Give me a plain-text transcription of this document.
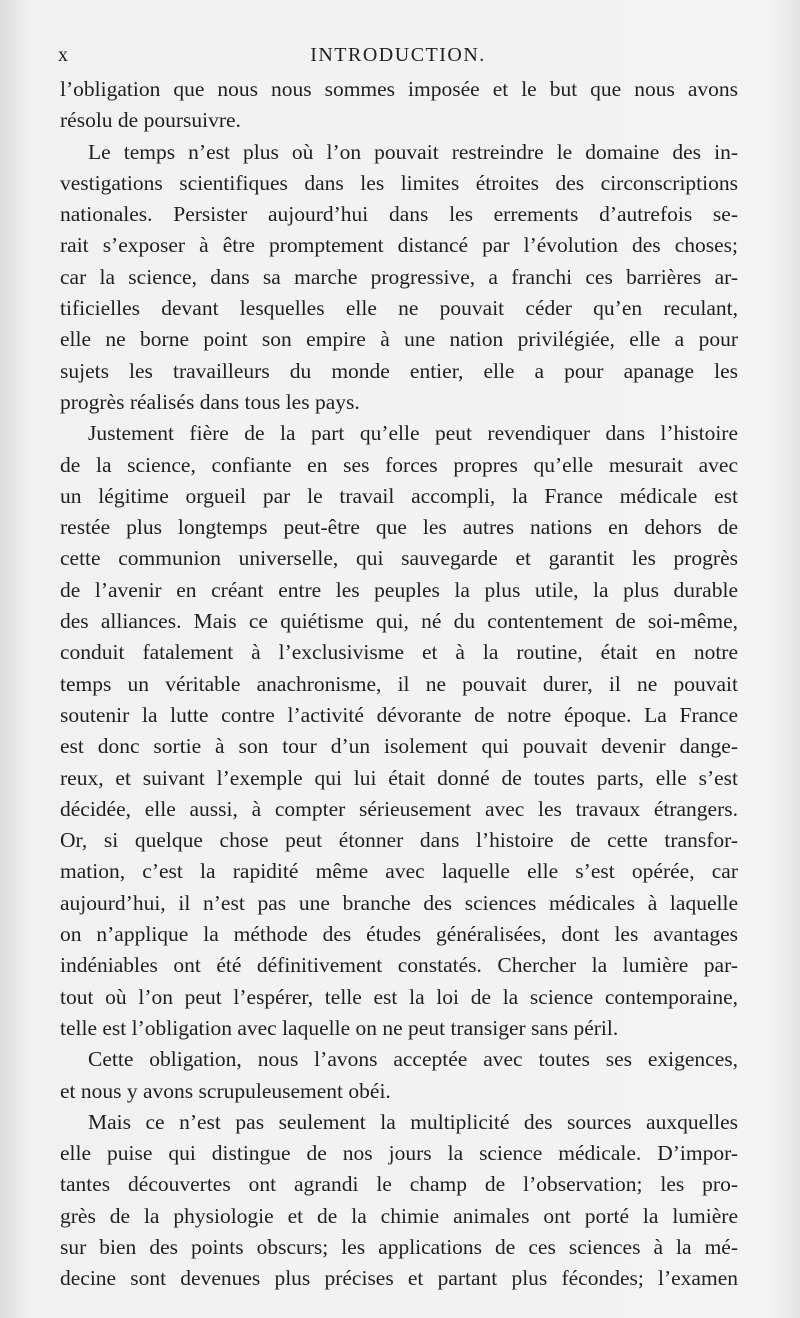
x	INTRODUCTION.
l’obligation que nous nous sommes imposée et le but que nous avons
résolu de poursuivre.
Le temps n’est plus où l’on pouvait restreindre le domaine des in-
vestigations scientifiques dans les limites étroites des circonscriptions
nationales. Persister aujourd’hui dans les errements d’autrefois se-
rait s’exposer à être promptement distancé par l’évolution des choses;
car la science, dans sa marche progressive, a franchi ces barrières ar-
tificielles devant lesquelles elle ne pouvait céder qu’en reculant,
elle ne borne point son empire à une nation privilégiée, elle a pour
sujets les travailleurs du monde entier, elle a pour apanage les
progrès réalisés dans tous les pays.
Justement fière de la part qu’elle peut revendiquer dans l’histoire
de la science, confiante en ses forces propres qu’elle mesurait avec
un légitime orgueil par le travail accompli, la France médicale est
restée plus longtemps peut-être que les autres nations en dehors de
cette communion universelle, qui sauvegarde et garantit les progrès
de l’avenir en créant entre les peuples la plus utile, la plus durable
des alliances. Mais ce quiétisme qui, né du contentement de soi-même,
conduit fatalement à l’exclusivisme et à la routine, était en notre
temps un véritable anachronisme, il ne pouvait durer, il ne pouvait
soutenir la lutte contre l’activité dévorante de notre époque. La France
est donc sortie à son tour d’un isolement qui pouvait devenir dange-
reux, et suivant l’exemple qui lui était donné de toutes parts, elle s’est
décidée, elle aussi, à compter sérieusement avec les travaux étrangers.
Or, si quelque chose peut étonner dans l’histoire de cette transfor-
mation, c’est la rapidité même avec laquelle elle s’est opérée, car
aujourd’hui, il n’est pas une branche des sciences médicales à laquelle
on n’applique la méthode des études généralisées, dont les avantages
indéniables ont été définitivement constatés. Chercher la lumière par-
tout où l’on peut l’espérer, telle est la loi de la science contemporaine,
telle est l’obligation avec laquelle on ne peut transiger sans péril.
Cette obligation, nous l’avons acceptée avec toutes ses exigences,
et nous y avons scrupuleusement obéi.
Mais ce n’est pas seulement la multiplicité des sources auxquelles
elle puise qui distingue de nos jours la science médicale. D’impor-
tantes découvertes ont agrandi le champ de l’observation; les pro-
grès de la physiologie et de la chimie animales ont porté la lumière
sur bien des points obscurs; les applications de ces sciences à la mé-
decine sont devenues plus précises et partant plus fécondes; l’examen
